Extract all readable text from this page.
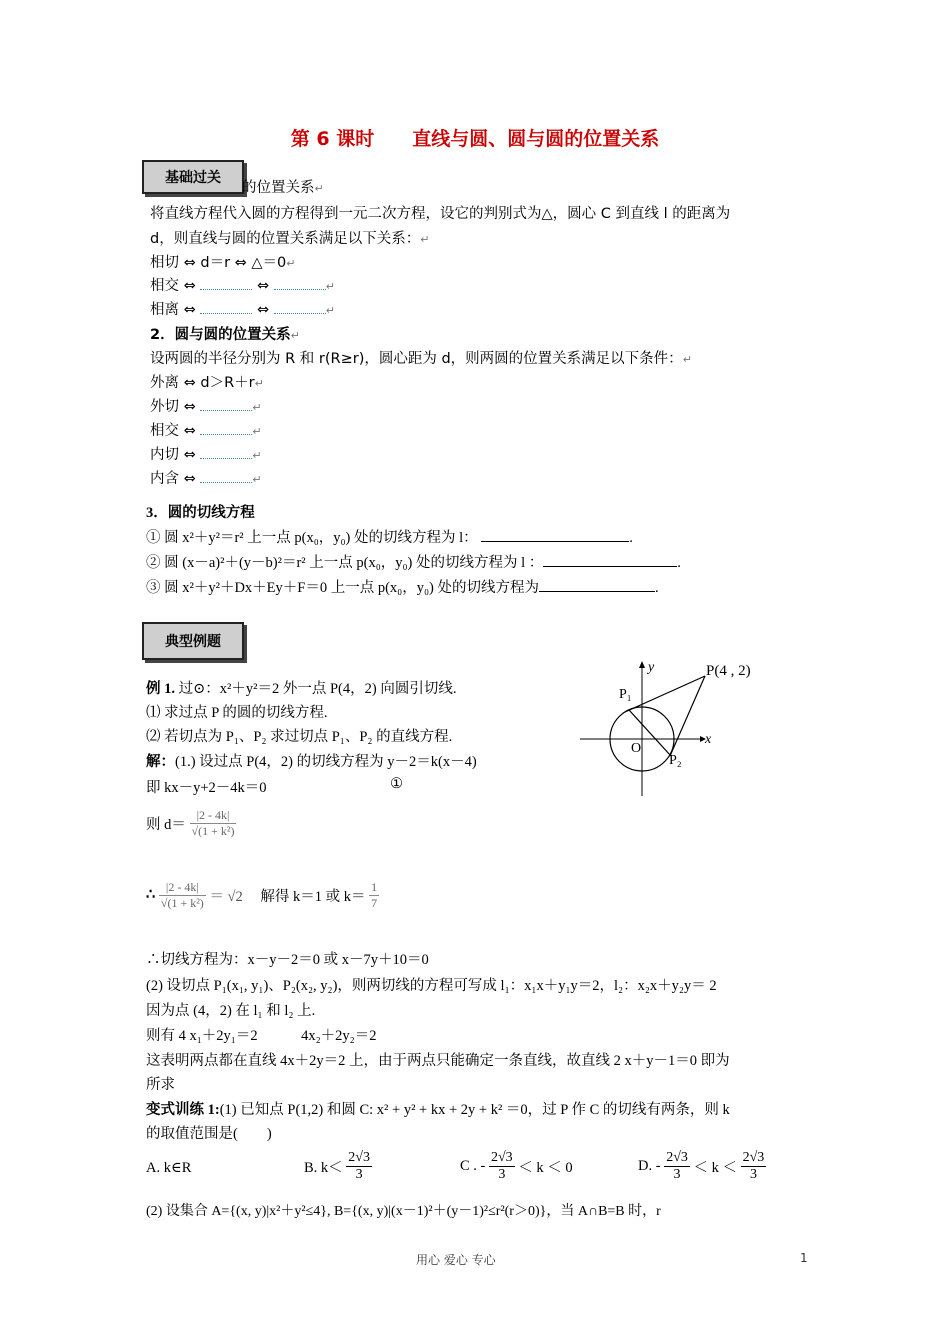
第 6 课时　　直线与圆、圆与圆的位置关系
基础过关
的位置关系↵
将直线方程代入圆的方程得到一元二次方程，设它的判别式为△，圆心 C 到直线 l 的距离为
d，则直线与圆的位置关系满足以下关系：↵
相切 ⇔ d＝r ⇔ △＝0↵
相交 ⇔	⇔	↵
相离 ⇔	⇔	↵
2．圆与圆的位置关系↵
设两圆的半径分别为 R 和 r(R≥r)，圆心距为 d，则两圆的位置关系满足以下条件：↵
外离 ⇔ d＞R＋r↵
外切 ⇔	↵
相交 ⇔	↵
内切 ⇔	↵
内含 ⇔	↵
3．圆的切线方程
① 圆 x²＋y²＝r² 上一点 p(x₀，y₀) 处的切线方程为 l：	.
② 圆 (x－a)²＋(y－b)²＝r² 上一点 p(x₀，y₀) 处的切线方程为 l ：	.
③ 圆 x²＋y²＋Dx＋Ey＋F＝0 上一点 p(x₀，y₀) 处的切线方程为	.
典型例题
P(4 , 2)
P₁
P₂
O
x
y
例 1. 过⊙：x²＋y²＝2 外一点 P(4，2) 向圆引切线.
⑴ 求过点 P 的圆的切线方程.
⑵ 若切点为 P₁、P₂ 求过切点 P₁、P₂ 的直线方程.
解：(1.) 设过点 P(4，2) 的切线方程为 y－2＝k(x－4)
即 kx－y+2－4k＝0	①
则 $d= \frac{|2 - 4k|}{\text{√(1 + k²)}}$
∴ $\frac{|2 - 4k|}{\text{√(1 + k²)}} = √2$ 解得 k＝1 或 $k= \frac{1}{7}$
∴切线方程为：x－y－2＝0 或 x－7y＋10＝0
(2) 设切点 P₁(x₁, y₁)、P₂(x₂, y₂)，则两切线的方程可写成 l₁：x₁x＋y₁y＝2，l₂：x₂x＋y₂y＝ 2
因为点 (4，2) 在 l₁ 和 l₂ 上.
则有 4 x₁＋2y₁＝2　　　4x₂＋2y₂＝2
这表明两点都在直线 4x＋2y＝2 上，由于两点只能确定一条直线，故直线 2 x＋y－1＝0 即为
所求
变式训练 1:(1) 已知点 P(1,2) 和圆 C: x² + y² + kx + 2y + k² ＝0，过 P 作 C 的切线有两条，则 k
的取值范围是(　　)
A. k∈R	B. $k< \frac{2√3}{3}$	C . - $\frac{2√3}{3} < k < 0$	D. - $\frac{2√3}{3} < k < \frac{2√3}{3}$
(2) 设集合 A={(x, y)|x²＋y²≤4}, B={(x, y)|(x－1)²＋(y－1)²≤r²(r＞0)}，当 A∩B=B 时，r
用心 爱心 专心	1
